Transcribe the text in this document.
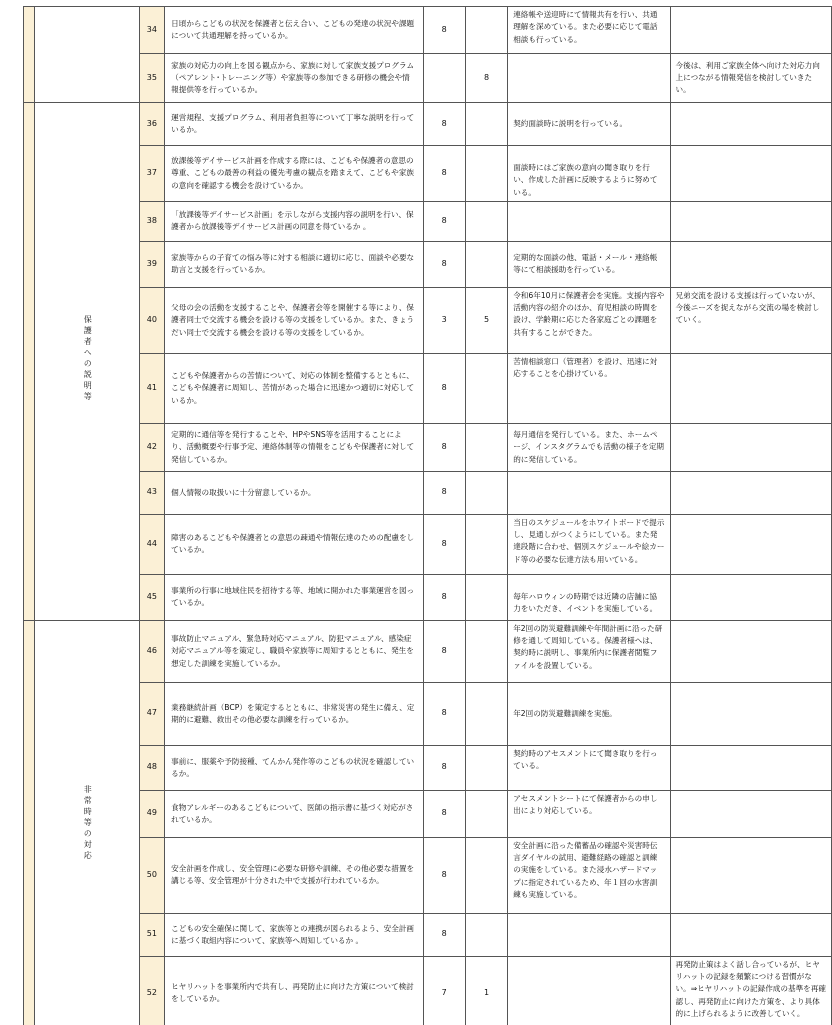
		34	日頃からこどもの状況を保護者と伝え合い、こどもの発達の状況や課題について共通理解を持っているか。	8		連絡帳や送迎時にて情報共有を行い、共通理解を深めている。また必要に応じて電話相談も行っている。	
		35	家族の対応力の向上を図る観点から、家族に対して家族支援プログラム（ペアレント･トレーニング等）や家族等の参加できる研修の機会や情報提供等を行っているか。		8		今後は、利用ご家族全体へ向けた対応力向上につながる情報発信を検討していきたい。
	保護者への説明等	36	運営規程、支援プログラム、利用者負担等について丁寧な説明を行っているか。	8		契約面談時に説明を行っている。	
		37	放課後等デイサービス計画を作成する際には、こどもや保護者の意思の尊重、こどもの最善の利益の優先考慮の観点を踏まえて、こどもや家族の意向を確認する機会を設けているか。	8		面談時にはご家族の意向の聞き取りを行い、作成した計画に反映するように努めている。	
		38	「放課後等デイサービス計画」を示しながら支援内容の説明を行い、保護者から放課後等デイサービス計画の同意を得ているか 。	8			
		39	家族等からの子育ての悩み等に対する相談に適切に応じ、面談や必要な助言と支援を行っているか。	8		定期的な面談の他、電話・メール・連絡帳等にて相談援助を行っている。	
		40	父母の会の活動を支援することや、保護者会等を開催する等により、保護者同士で交流する機会を設ける等の支援をしているか。また、きょうだい同士で交流する機会を設ける等の支援をしているか。	3	5	令和6年10月に保護者会を実施。支援内容や活動内容の紹介のほか、育児相談の時間を設け、学齢期に応じた各家庭ごとの課題を共有することができた。	兄弟交流を設ける支援は行っていないが、今後ニーズを捉えながら交流の場を検討していく。
		41	こどもや保護者からの苦情について、対応の体制を整備するとともに、こどもや保護者に周知し、苦情があった場合に迅速かつ適切に対応しているか。	8		苦情相談窓口（管理者）を設け、迅速に対応することを心掛けている。	
		42	定期的に通信等を発行することや、HPやSNS等を活用することにより、活動概要や行事予定、連絡体制等の情報をこどもや保護者に対して発信しているか。	8		毎月通信を発行している。また、ホームページ、インスタグラムでも活動の様子を定期的に発信している。	
		43	個人情報の取扱いに十分留意しているか。	8			
		44	障害のあるこどもや保護者との意思の疎通や情報伝達のための配慮をしているか。	8		当日のスケジュールをホワイトボードで提示し、見通しがつくようにしている。また発達段階に合わせ、個別スケジュールや絵カード等の必要な伝達方法も用いている。	
		45	事業所の行事に地域住民を招待する等、地域に開かれた事業運営を図っているか。	8		毎年ハロウィンの時期では近隣の店舗に協力をいただき、イベントを実施している。	
	非常時等の対応	46	事故防止マニュアル、緊急時対応マニュアル、防犯マニュアル、感染症対応マニュアル等を策定し、職員や家族等に周知するとともに、発生を想定した訓練を実施しているか。	8		年2回の防災避難訓練や年間計画に沿った研修を通して周知している。保護者様へは、契約時に説明し、事業所内に保護者閲覧ファイルを設置している。	
		47	業務継続計画（BCP）を策定するとともに、非常災害の発生に備え、定期的に避難、救出その他必要な訓練を行っているか。	8		年2回の防災避難訓練を実施。	
		48	事前に、服薬や予防接種、てんかん発作等のこどもの状況を確認しているか。	8		契約時のアセスメントにて聞き取りを行っている。	
		49	食物アレルギーのあるこどもについて、医師の指示書に基づく対応がされているか。	8		アセスメントシートにて保護者からの申し出により対応している。	
		50	安全計画を作成し、安全管理に必要な研修や訓練、その他必要な措置を講じる等、安全管理が十分された中で支援が行われているか。	8		安全計画に沿った備蓄品の確認や災害時伝言ダイヤルの試用、避難経路の確認と訓練の実施をしている。また浸水ハザードマップに指定されているため、年１回の水害訓練も実施している。	
		51	こどもの安全確保に関して、家族等との連携が図られるよう、安全計画に基づく取組内容について、家族等へ周知しているか 。	8			
		52	ヒヤリハットを事業所内で共有し、再発防止に向けた方策について検討をしているか。	7	1		再発防止策はよく話し合っているが、ヒヤリハットの記録を頻繁につける習慣がない。⇒ヒヤリハットの記録作成の基準を再確認し、再発防止に向けた方策を、より具体的に上げられるように改善していく。
